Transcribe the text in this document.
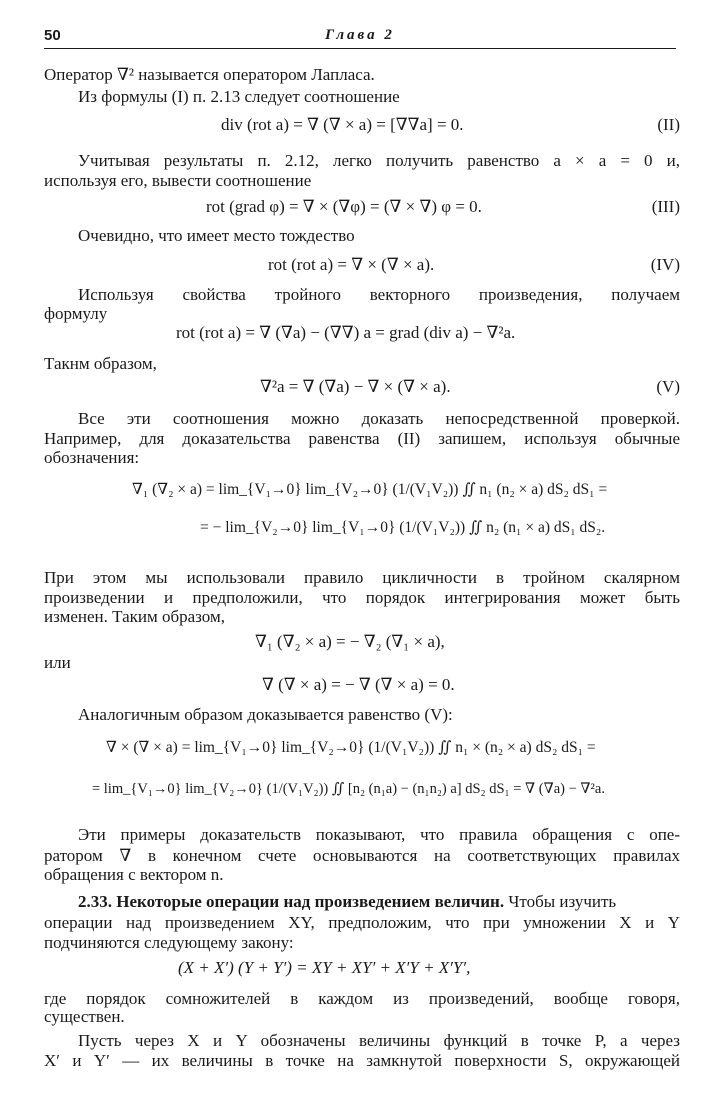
50	Глава 2
Оператор ∇² называется оператором Лапласа.
Из формулы (I) п. 2.13 следует соотношение
div (rot a) = ∇ (∇ × a) = [∇∇a] = 0.	(II)
Учитывая результаты п. 2.12, легко получить равенство a × a = 0 и,
используя его, вывести соотношение
rot (grad φ) = ∇ × (∇φ) = (∇ × ∇) φ = 0.	(III)
Очевидно, что имеет место тождество
rot (rot a) = ∇ × (∇ × a).	(IV)
Используя свойства тройного векторного произведения, получаем
формулу
rot (rot a) = ∇ (∇a) − (∇∇) a = grad (div a) − ∇²a.
Такнм образом,
∇²a = ∇ (∇a) − ∇ × (∇ × a).	(V)
Все эти соотношения можно доказать непосредственной проверкой.
Например, для доказательства равенства (II) запишем, используя обычные
обозначения:
∇₁ (∇₂ × a) = lim_{V₁→0} lim_{V₂→0} (1/(V₁V₂)) ∬ n₁ (n₂ × a) dS₂ dS₁ =
= − lim_{V₂→0} lim_{V₁→0} (1/(V₁V₂)) ∬ n₂ (n₁ × a) dS₁ dS₂.
При этом мы использовали правило цикличности в тройном скалярном
произведении и предположили, что порядок интегрирования может быть
изменен. Таким образом,
∇₁ (∇₂ × a) = − ∇₂ (∇₁ × a),
или
∇ (∇ × a) = − ∇ (∇ × a) = 0.
Аналогичным образом доказывается равенство (V):
∇ × (∇ × a) = lim_{V₁→0} lim_{V₂→0} (1/(V₁V₂)) ∬ n₁ × (n₂ × a) dS₂ dS₁ =
= lim_{V₁→0} lim_{V₂→0} (1/(V₁V₂)) ∬ [n₂ (n₁a) − (n₁n₂) a] dS₂ dS₁ = ∇ (∇a) − ∇²a.
Эти примеры доказательств показывают, что правила обращения с опе-
ратором ∇ в конечном счете основываются на соответствующих правилах
обращения с вектором n.
2.33. Некоторые операции над произведением величин. Чтобы изучить
операции над произведением XY, предположим, что при умножении X и Y
подчиняются следующему закону:
(X + X′) (Y + Y′) = XY + XY′ + X′Y + X′Y′,
где порядок сомножителей в каждом из произведений, вообще говоря,
существен.
Пусть через X и Y обозначены величины функций в точке P, а через
X′ и Y′ — их величины в точке на замкнутой поверхности S, окружающей
